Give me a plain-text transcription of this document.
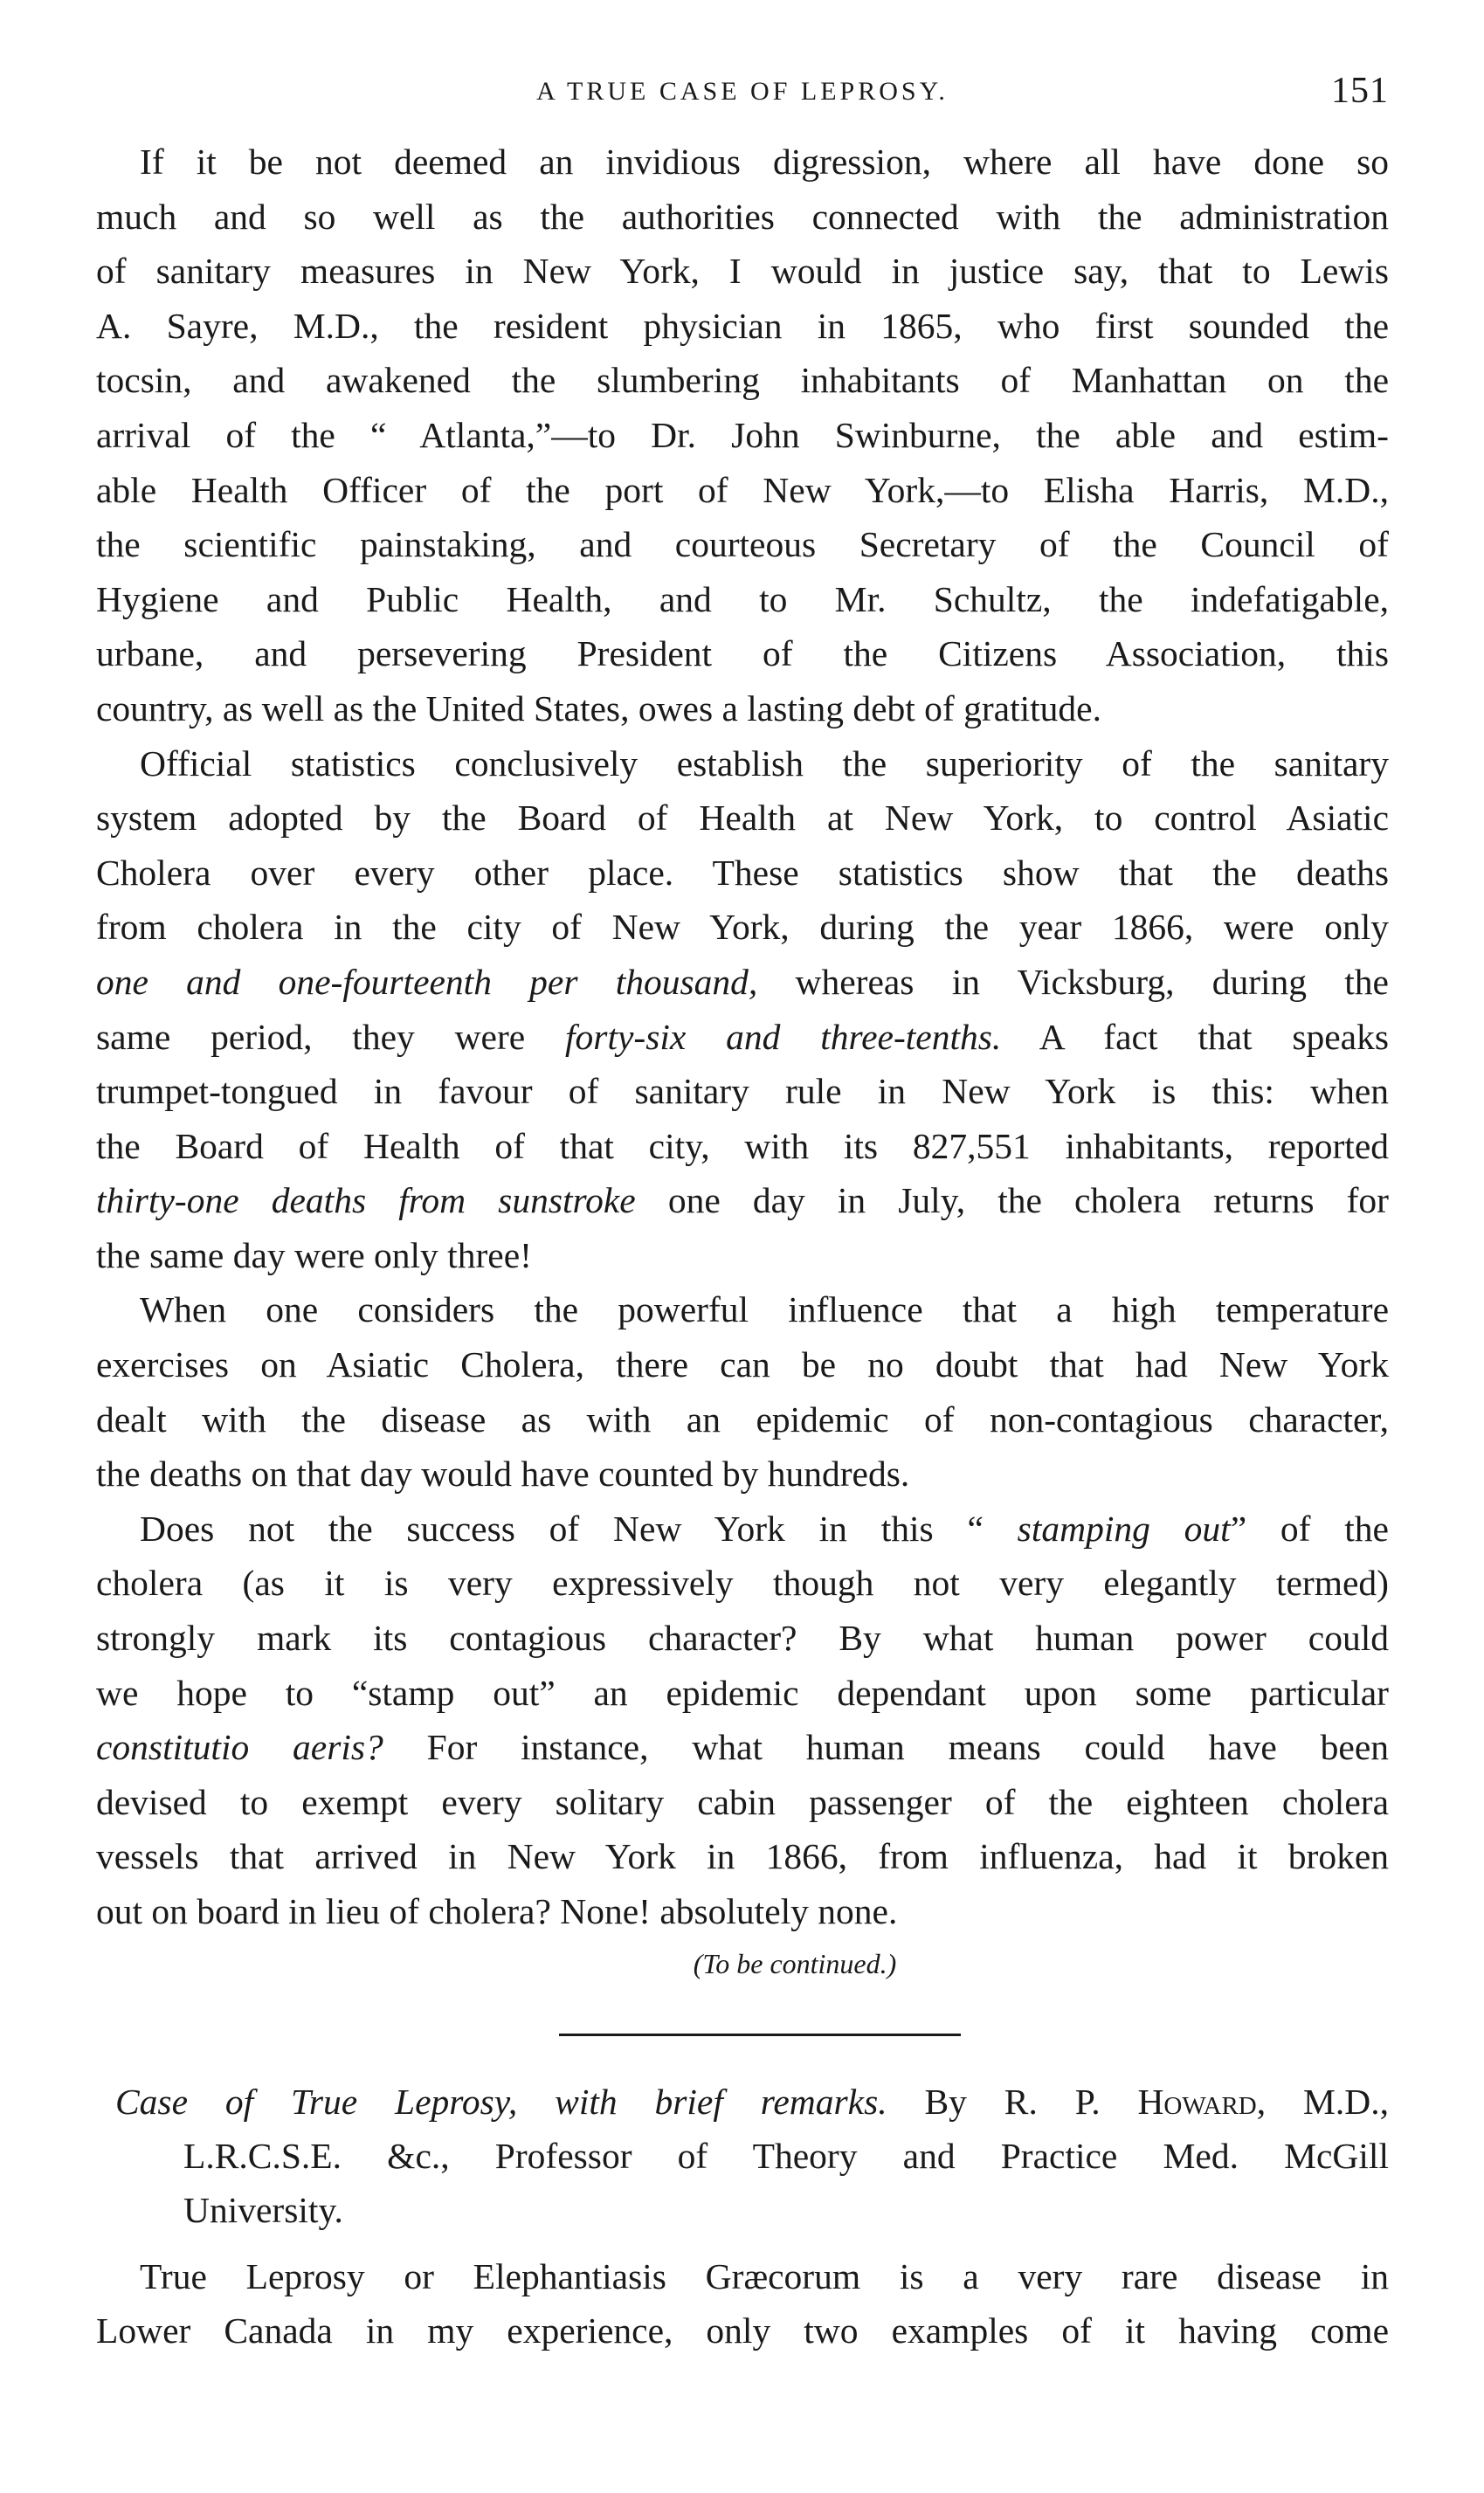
A TRUE CASE OF LEPROSY.	151

If it be not deemed an invidious digression, where all have done so
much and so well as the authorities connected with the administration
of sanitary measures in New York, I would in justice say, that to Lewis
A. Sayre, M.D., the resident physician in 1865, who first sounded the
tocsin, and awakened the slumbering inhabitants of Manhattan on the
arrival of the “ Atlanta,”—to Dr. John Swinburne, the able and estim-
able Health Officer of the port of New York,—to Elisha Harris, M.D.,
the scientific painstaking, and courteous Secretary of the Council of
Hygiene and Public Health, and to Mr. Schultz, the indefatigable,
urbane, and persevering President of the Citizens Association, this
country, as well as the United States, owes a lasting debt of gratitude.

Official statistics conclusively establish the superiority of the sanitary
system adopted by the Board of Health at New York, to control Asiatic
Cholera over every other place. These statistics show that the deaths
from cholera in the city of New York, during the year 1866, were only
one and one-fourteenth per thousand, whereas in Vicksburg, during the
same period, they were forty-six and three-tenths. A fact that speaks
trumpet-tongued in favour of sanitary rule in New York is this: when
the Board of Health of that city, with its 827,551 inhabitants, reported
thirty-one deaths from sunstroke one day in July, the cholera returns for
the same day were only three!

When one considers the powerful influence that a high temperature
exercises on Asiatic Cholera, there can be no doubt that had New York
dealt with the disease as with an epidemic of non-contagious character,
the deaths on that day would have counted by hundreds.

Does not the success of New York in this “ stamping out” of the
cholera (as it is very expressively though not very elegantly termed)
strongly mark its contagious character? By what human power could
we hope to “stamp out” an epidemic dependant upon some particular
constitutio aeris? For instance, what human means could have been
devised to exempt every solitary cabin passenger of the eighteen cholera
vessels that arrived in New York in 1866, from influenza, had it broken
out on board in lieu of cholera? None! absolutely none.

(To be continued.)
Case of True Leprosy, with brief remarks. By R. P. Howard, M.D.,
L.R.C.S.E. &c., Professor of Theory and Practice Med. McGill
University.

True Leprosy or Elephantiasis Græcorum is a very rare disease in
Lower Canada in my experience, only two examples of it having come
